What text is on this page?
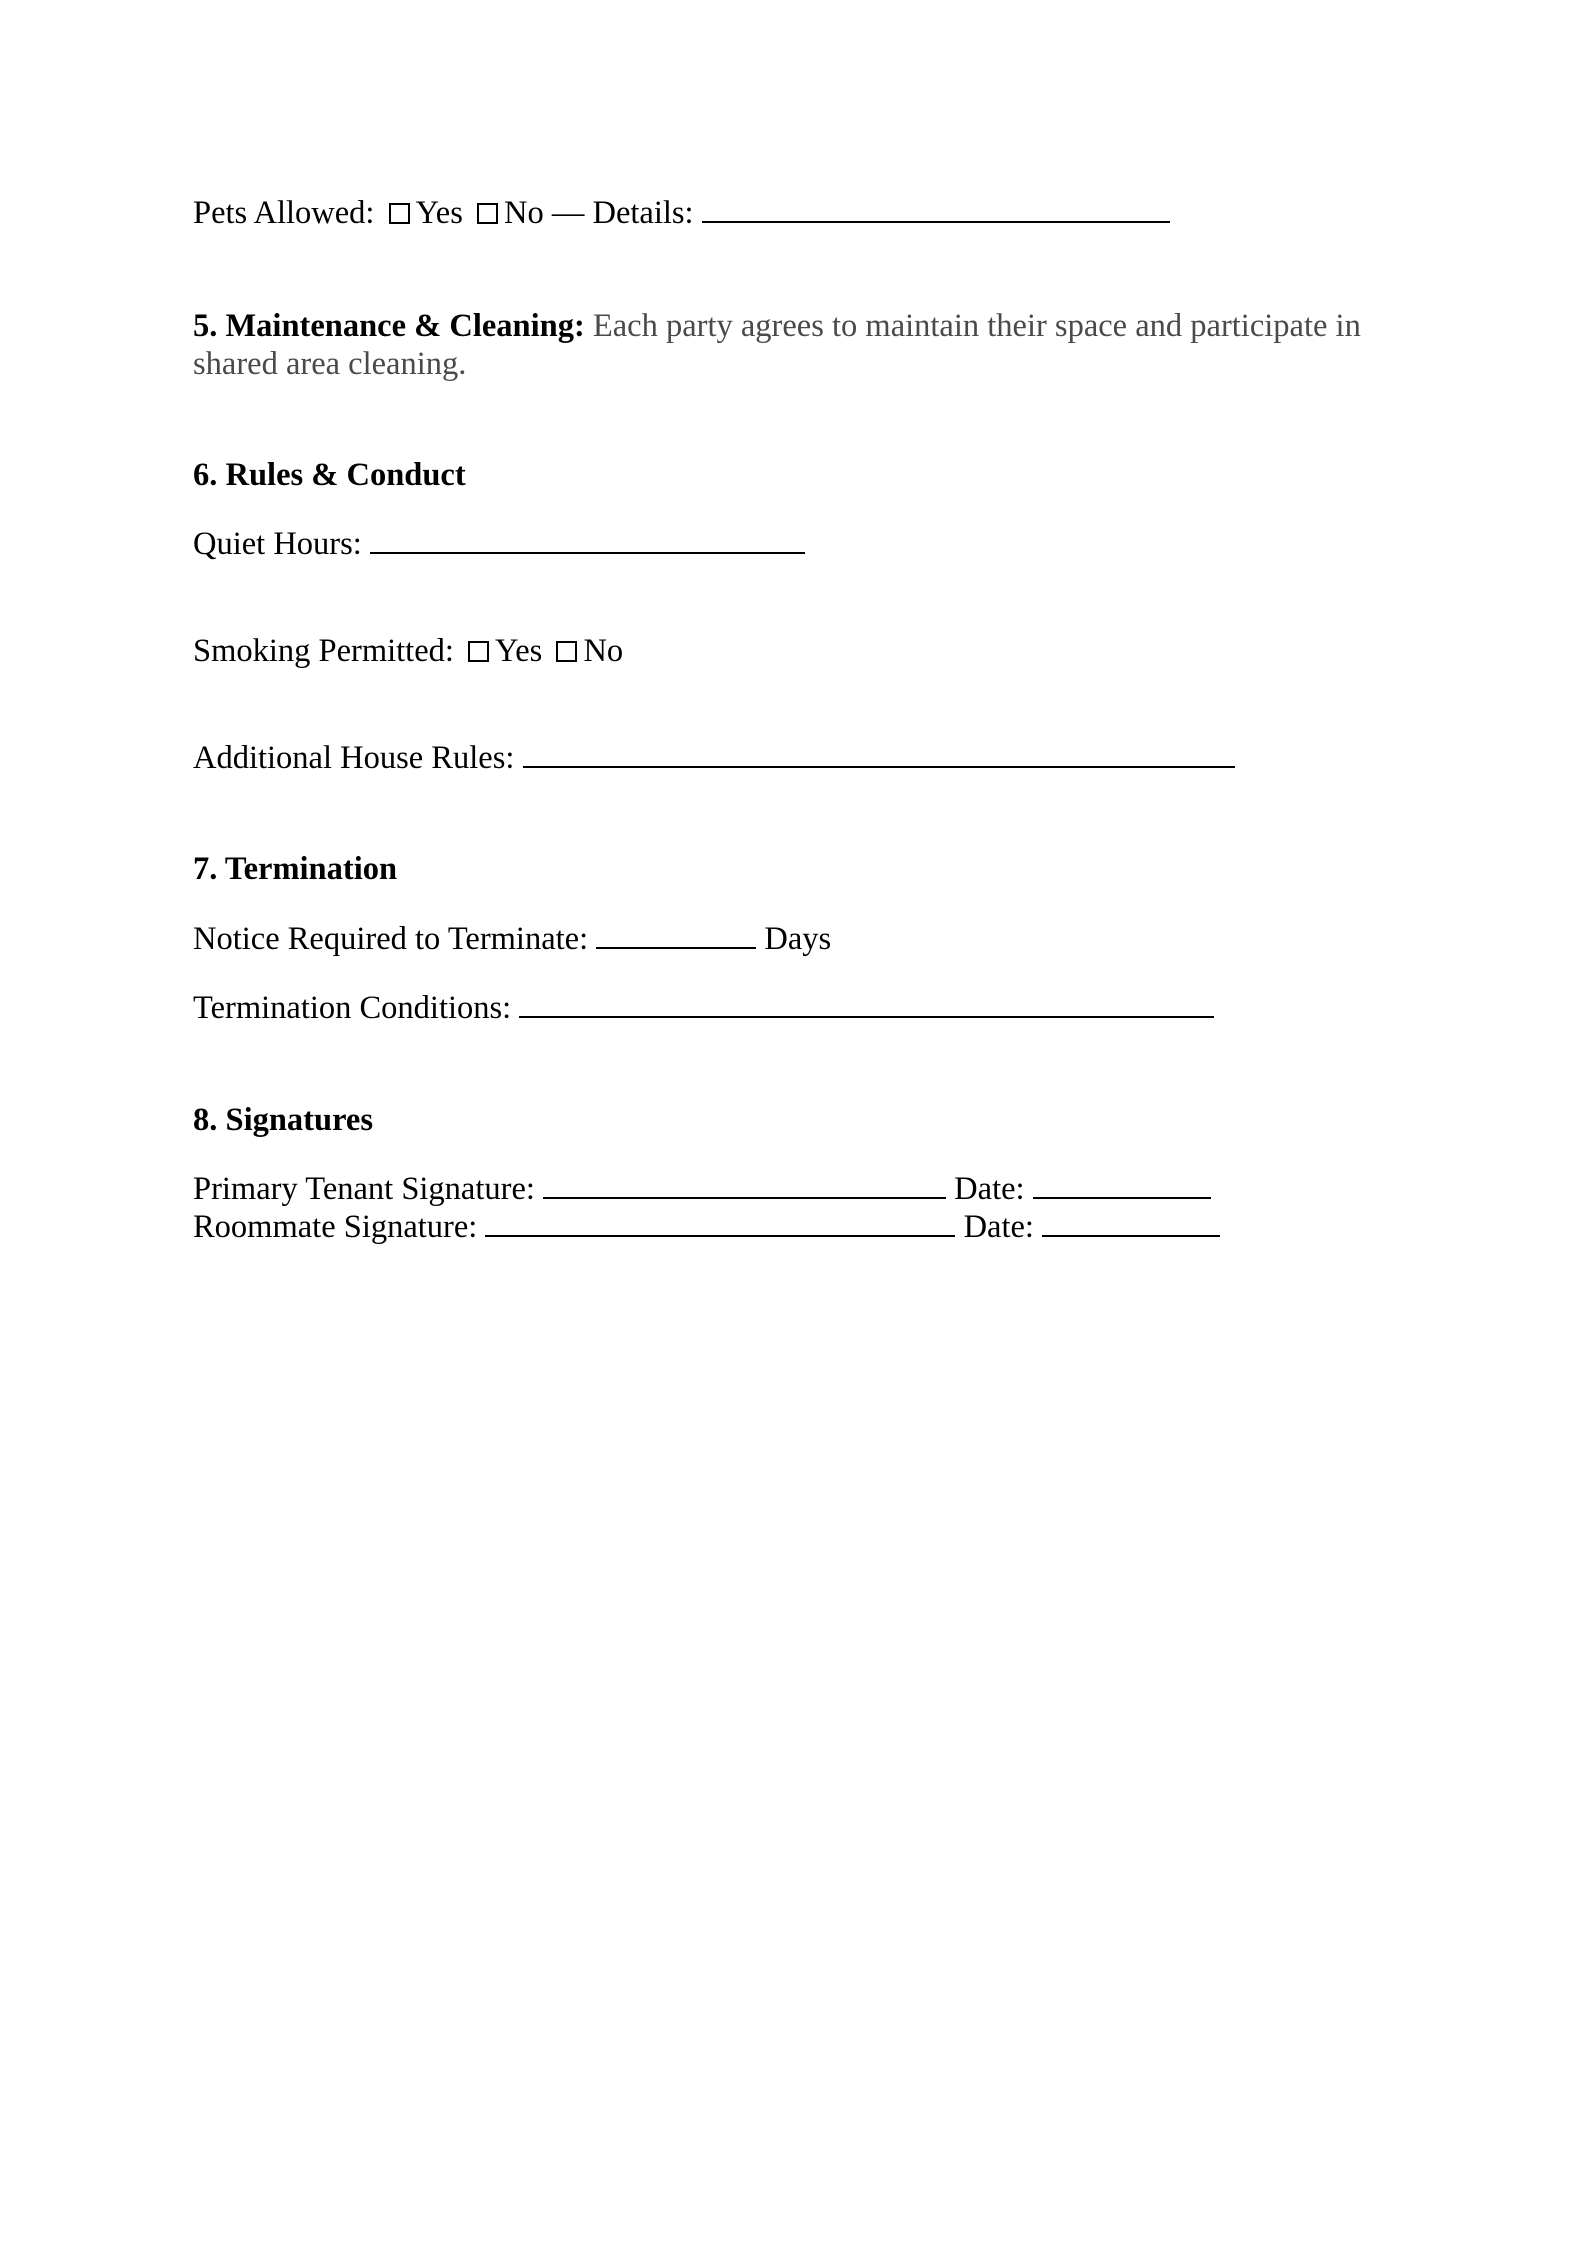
Pets Allowed: Yes No — Details:
5. Maintenance & Cleaning: Each party agrees to maintain their space and participate in shared area cleaning.
6. Rules & Conduct
Quiet Hours:
Smoking Permitted: Yes No
Additional House Rules:
7. Termination
Notice Required to Terminate:	Days
Termination Conditions:
8. Signatures
Primary Tenant Signature:	Date:
Roommate Signature:	Date:
